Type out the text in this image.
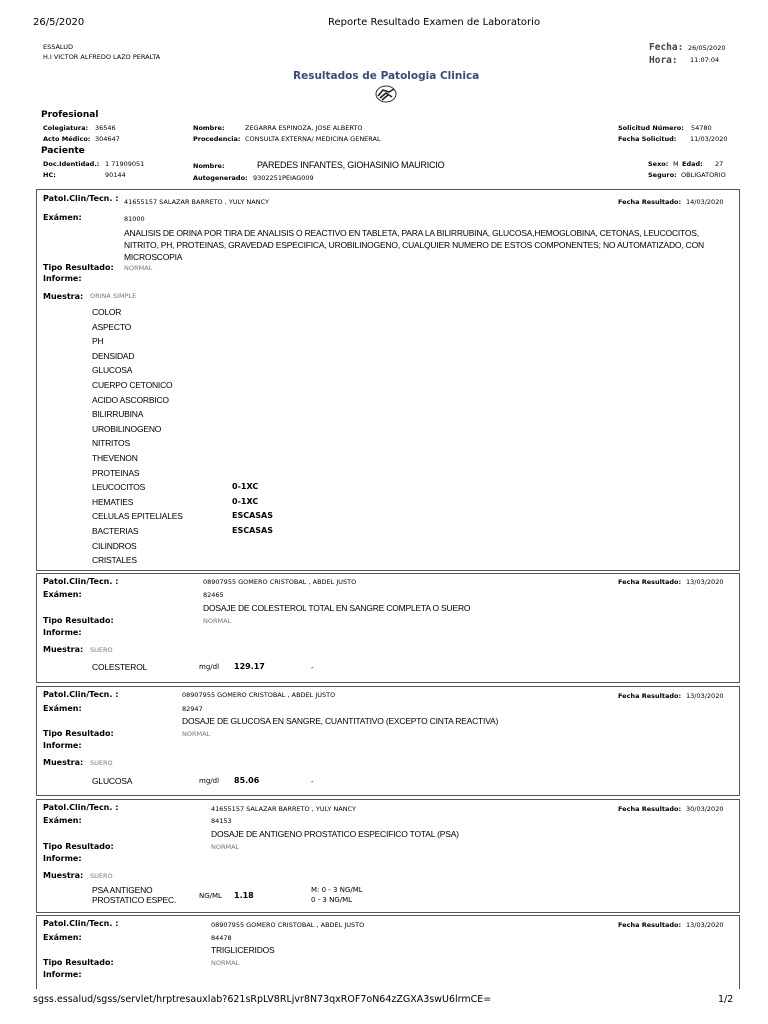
26/5/2020	Reporte Resultado Examen de Laboratorio
sgss.essalud/sgss/servlet/hrptresauxlab?621sRpLV8RLjvr8N73qxROF7oN64zZGXA3swU6lrmCE=	1/2
ESSALUD
H.I VICTOR ALFREDO LAZO PERALTA
Fecha: 26/05/2020
Hora: 11:07:04
Resultados de Patologia Clinica
Profesional
Colegiatura: 36546
Acto Médico: 304647
Nombre:	ZEGARRA ESPINOZA, JOSE ALBERTO
Procedencia: CONSULTA EXTERNA/ MEDICINA GENERAL
Solicitud Número: 54780
Fecha Solicitud: 11/03/2020
Paciente
Doc.Identidad.: 1 71909051
HC:	90144
Nombre:	PAREDES INFANTES, GIOHASINIO MAURICIO
Autogenerado: 9302251PEIAG009
Sexo: M Edad: 27
Seguro: OBLIGATORIO
Patol.Clin/Tecn. : 41655157 SALAZAR BARRETO , YULY NANCY	Fecha Resultado: 14/03/2020
Exámen:	81000
ANALISIS DE ORINA POR TIRA DE ANALISIS O REACTIVO EN TABLETA, PARA LA BILIRRUBINA, GLUCOSA,HEMOGLOBINA, CETONAS, LEUCOCITOS, NITRITO, PH, PROTEINAS, GRAVEDAD ESPECIFICA, UROBILINOGENO, CUALQUIER NUMERO DE ESTOS COMPONENTES; NO AUTOMATIZADO, CON MICROSCOPIA
Tipo Resultado: NORMAL
Informe:
Muestra: ORINA SIMPLE
COLOR
ASPECTO
PH
DENSIDAD
GLUCOSA
CUERPO CETONICO
ACIDO ASCORBICO
BILIRRUBINA
UROBILINOGENO
NITRITOS
THEVENON
PROTEINAS
LEUCOCITOS	0-1XC
HEMATIES	0-1XC
CELULAS EPITELIALES	ESCASAS
BACTERIAS	ESCASAS
CILINDROS
CRISTALES
Patol.Clin/Tecn. :	08907955 GOMERO CRISTOBAL , ABDEL JUSTO	Fecha Resultado: 13/03/2020
Exámen:	82465
DOSAJE DE COLESTEROL TOTAL EN SANGRE COMPLETA O SUERO
Tipo Resultado:	NORMAL
Informe:
Muestra: SUERO
COLESTEROL	mg/dl 129.17	-
Patol.Clin/Tecn. :	08907955 GOMERO CRISTOBAL , ABDEL JUSTO	Fecha Resultado: 13/03/2020
Exámen:	82947
DOSAJE DE GLUCOSA EN SANGRE, CUANTITATIVO (EXCEPTO CINTA REACTIVA)
Tipo Resultado:	NORMAL
Informe:
Muestra: SUERO
GLUCOSA	mg/dl 85.06	-
Patol.Clin/Tecn. :	41655157 SALAZAR BARRETO , YULY NANCY	Fecha Resultado: 30/03/2020
Exámen:	84153
DOSAJE DE ANTIGENO PROSTATICO ESPECIFICO TOTAL (PSA)
Tipo Resultado:	NORMAL
Informe:
Muestra: SUERO
PSA ANTIGENO
PROSTATICO ESPEC.	NG/ML 1.18
M: 0 - 3 NG/ML
0 - 3 NG/ML
Patol.Clin/Tecn. :	08907955 GOMERO CRISTOBAL , ABDEL JUSTO	Fecha Resultado: 13/03/2020
Exámen:	84478
TRIGLICERIDOS
Tipo Resultado:	NORMAL
Informe:
